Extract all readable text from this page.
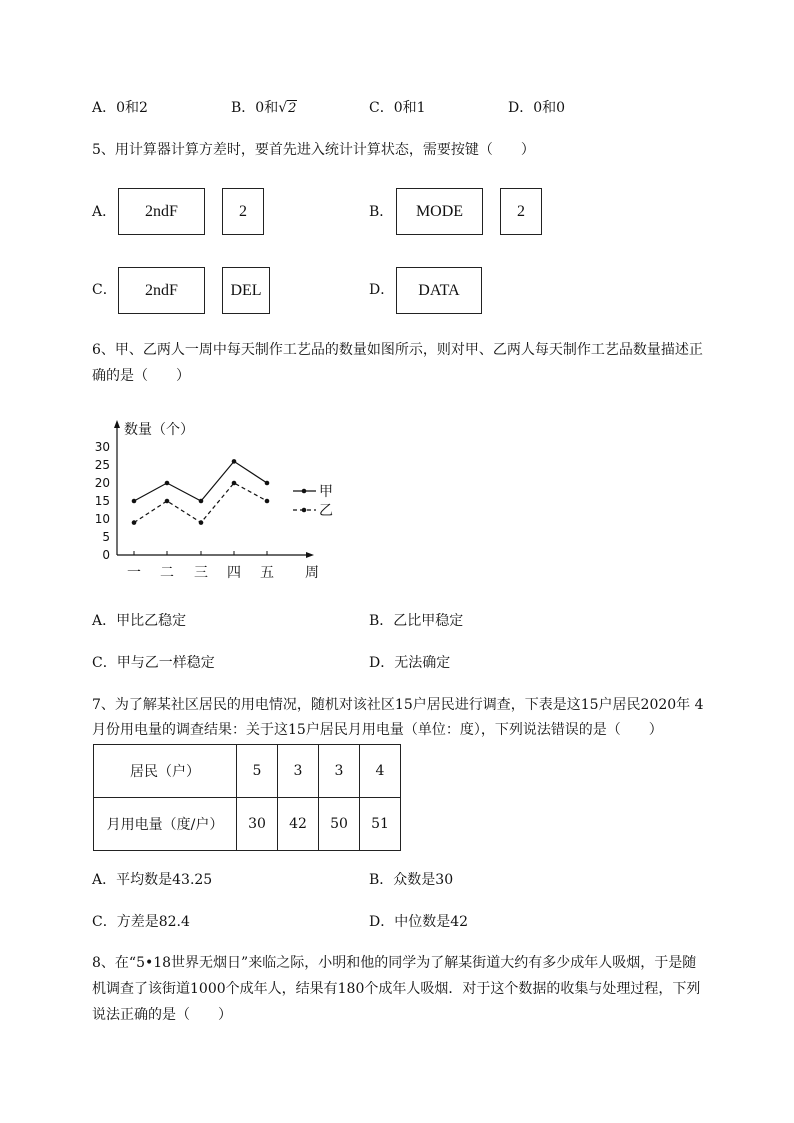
A．0和2	B．0和√2	C．0和1	D．0和0
5、用计算器计算方差时，要首先进入统计计算状态，需要按键（　　）
A．	2ndF	2	B．	MODE	2
C．	2ndF	DEL	D．	DATA
6、甲、乙两人一周中每天制作工艺品的数量如图所示，则对甲、乙两人每天制作工艺品数量描述正
确的是（　　）
数量（个）
0
5
10
15
20
25
30
一 二 三 四 五 周
甲
乙
A．甲比乙稳定	B．乙比甲稳定
C．甲与乙一样稳定	D．无法确定
7、为了解某社区居民的用电情况，随机对该社区15户居民进行调查，下表是这15户居民2020年 4
月份用电量的调查结果：关于这15户居民月用电量（单位：度），下列说法错误的是（　　）
居民（户）	5	3	3	4
月用电量（度/户）	30	42	50	51
A．平均数是43.25	B．众数是30
C．方差是82.4	D．中位数是42
8、在“5•18世界无烟日”来临之际，小明和他的同学为了解某街道大约有多少成年人吸烟，于是随
机调查了该街道1000个成年人，结果有180个成年人吸烟．对于这个数据的收集与处理过程，下列
说法正确的是（　　）
